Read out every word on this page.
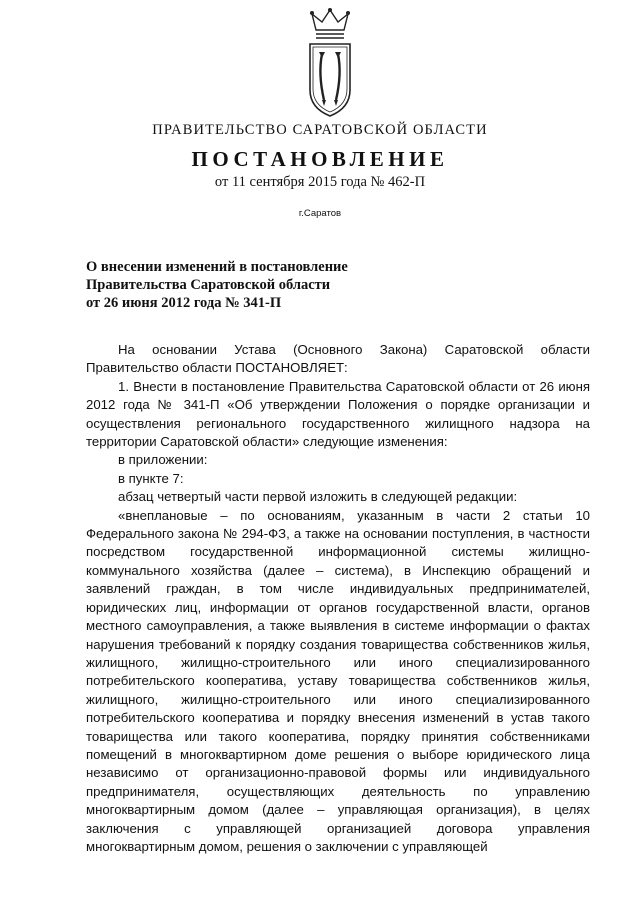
ПРАВИТЕЛЬСТВО САРАТОВСКОЙ ОБЛАСТИ
ПОСТАНОВЛЕНИЕ
от 11 сентября 2015 года № 462-П
г.Саратов
О внесении изменений в постановление
Правительства Саратовской области
от 26 июня 2012 года № 341-П

На основании Устава (Основного Закона) Саратовской области Правительство области ПОСТАНОВЛЯЕТ:

1. Внести в постановление Правительства Саратовской области от 26 июня 2012 года № 341-П «Об утверждении Положения о порядке организации и осуществления регионального государственного жилищного надзора на территории Саратовской области» следующие изменения:

в приложении:

в пункте 7:

абзац четвертый части первой изложить в следующей редакции:

«внеплановые – по основаниям, указанным в части 2 статьи 10 Федерального закона № 294-ФЗ, а также на основании поступления, в частности посредством государственной информационной системы жилищно-коммунального хозяйства (далее – система), в Инспекцию обращений и заявлений граждан, в том числе индивидуальных предпринимателей, юридических лиц, информации от органов государственной власти, органов местного самоуправления, а также выявления в системе информации о фактах нарушения требований к порядку создания товарищества собственников жилья, жилищного, жилищно-строительного или иного специализированного потребительского кооператива, уставу товарищества собственников жилья, жилищного, жилищно-строительного или иного специализированного потребительского кооператива и порядку внесения изменений в устав такого товарищества или такого кооператива, порядку принятия собственниками помещений в многоквартирном доме решения о выборе юридического лица независимо от организационно-правовой формы или индивидуального предпринимателя, осуществляющих деятельность по управлению многоквартирным домом (далее – управляющая организация), в целях заключения с управляющей организацией договора управления многоквартирным домом, решения о заключении с управляющей
